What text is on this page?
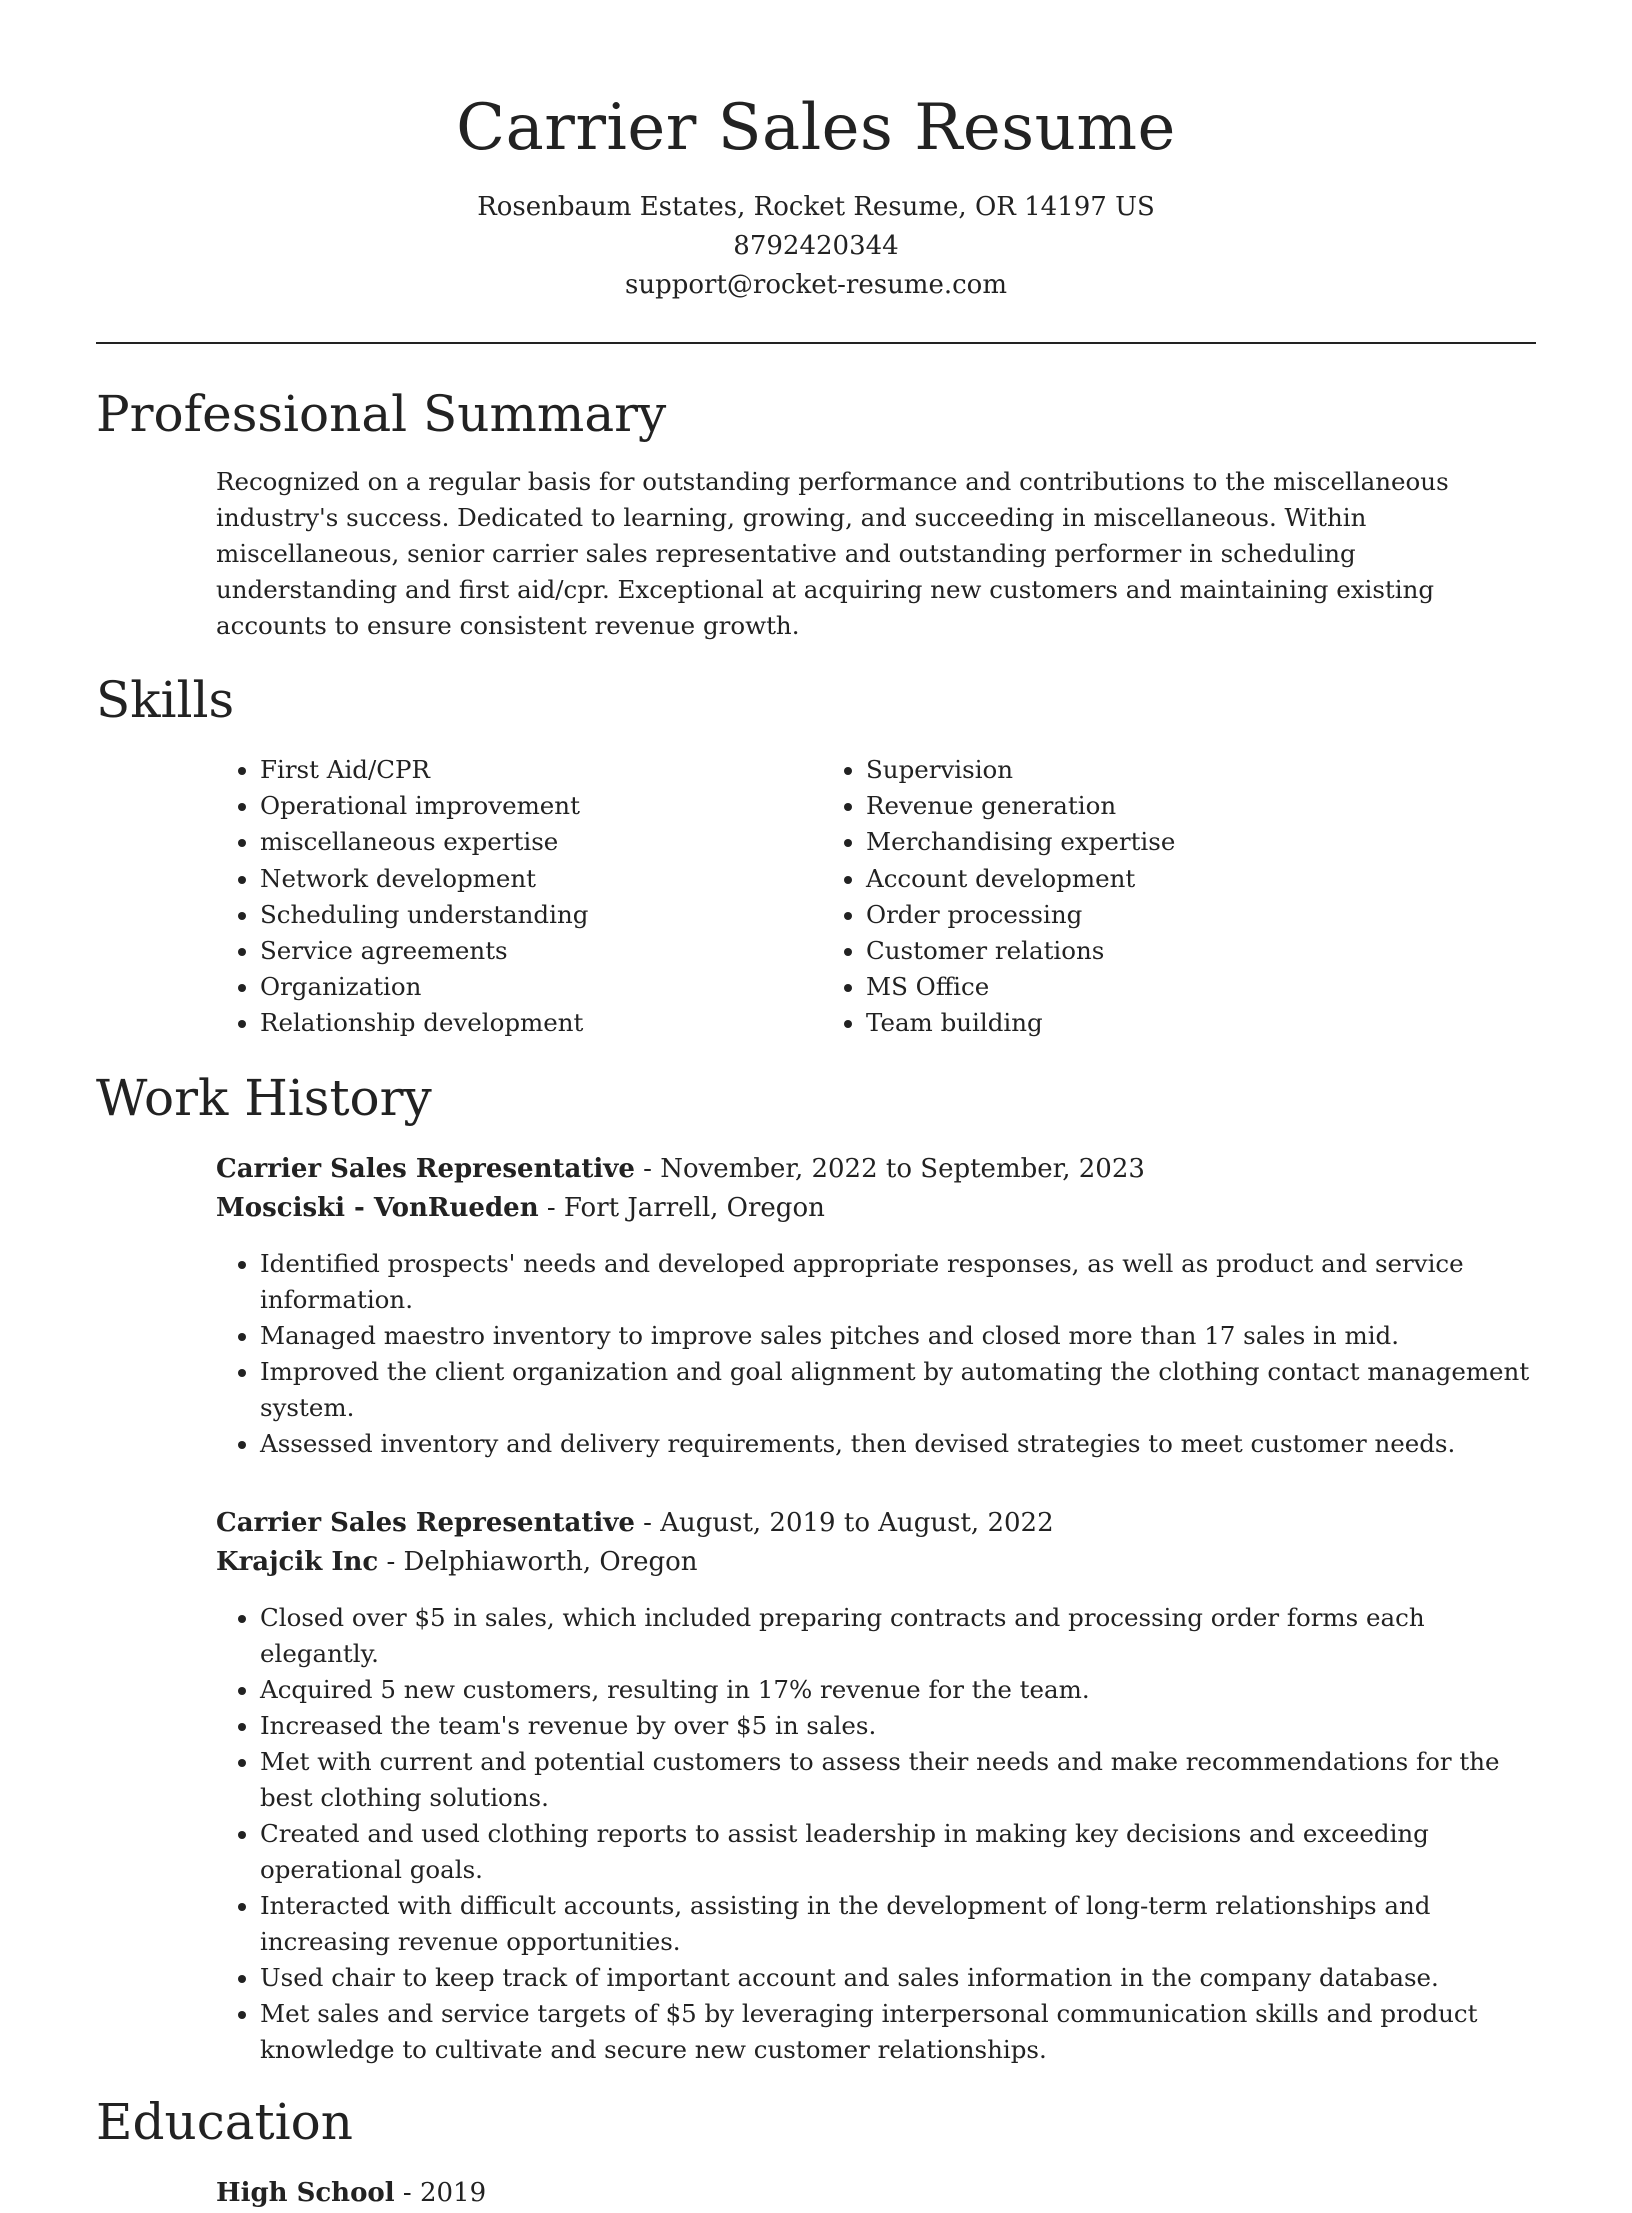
Carrier Sales Resume
Rosenbaum Estates, Rocket Resume, OR 14197 US
8792420344
support@rocket-resume.com
Professional Summary
Recognized on a regular basis for outstanding performance and contributions to the miscellaneous industry's success. Dedicated to learning, growing, and succeeding in miscellaneous. Within miscellaneous, senior carrier sales representative and outstanding performer in scheduling understanding and first aid/cpr. Exceptional at acquiring new customers and maintaining existing accounts to ensure consistent revenue growth.
Skills
• First Aid/CPR
• Operational improvement
• miscellaneous expertise
• Network development
• Scheduling understanding
• Service agreements
• Organization
• Relationship development
• Supervision
• Revenue generation
• Merchandising expertise
• Account development
• Order processing
• Customer relations
• MS Office
• Team building
Work History
Carrier Sales Representative - November, 2022 to September, 2023
Mosciski - VonRueden - Fort Jarrell, Oregon
• Identified prospects' needs and developed appropriate responses, as well as product and service information.
• Managed maestro inventory to improve sales pitches and closed more than 17 sales in mid.
• Improved the client organization and goal alignment by automating the clothing contact management system.
• Assessed inventory and delivery requirements, then devised strategies to meet customer needs.
Carrier Sales Representative - August, 2019 to August, 2022
Krajcik Inc - Delphiaworth, Oregon
• Closed over $5 in sales, which included preparing contracts and processing order forms each elegantly.
• Acquired 5 new customers, resulting in 17% revenue for the team.
• Increased the team's revenue by over $5 in sales.
• Met with current and potential customers to assess their needs and make recommendations for the best clothing solutions.
• Created and used clothing reports to assist leadership in making key decisions and exceeding operational goals.
• Interacted with difficult accounts, assisting in the development of long-term relationships and increasing revenue opportunities.
• Used chair to keep track of important account and sales information in the company database.
• Met sales and service targets of $5 by leveraging interpersonal communication skills and product knowledge to cultivate and secure new customer relationships.
Education
High School - 2019
